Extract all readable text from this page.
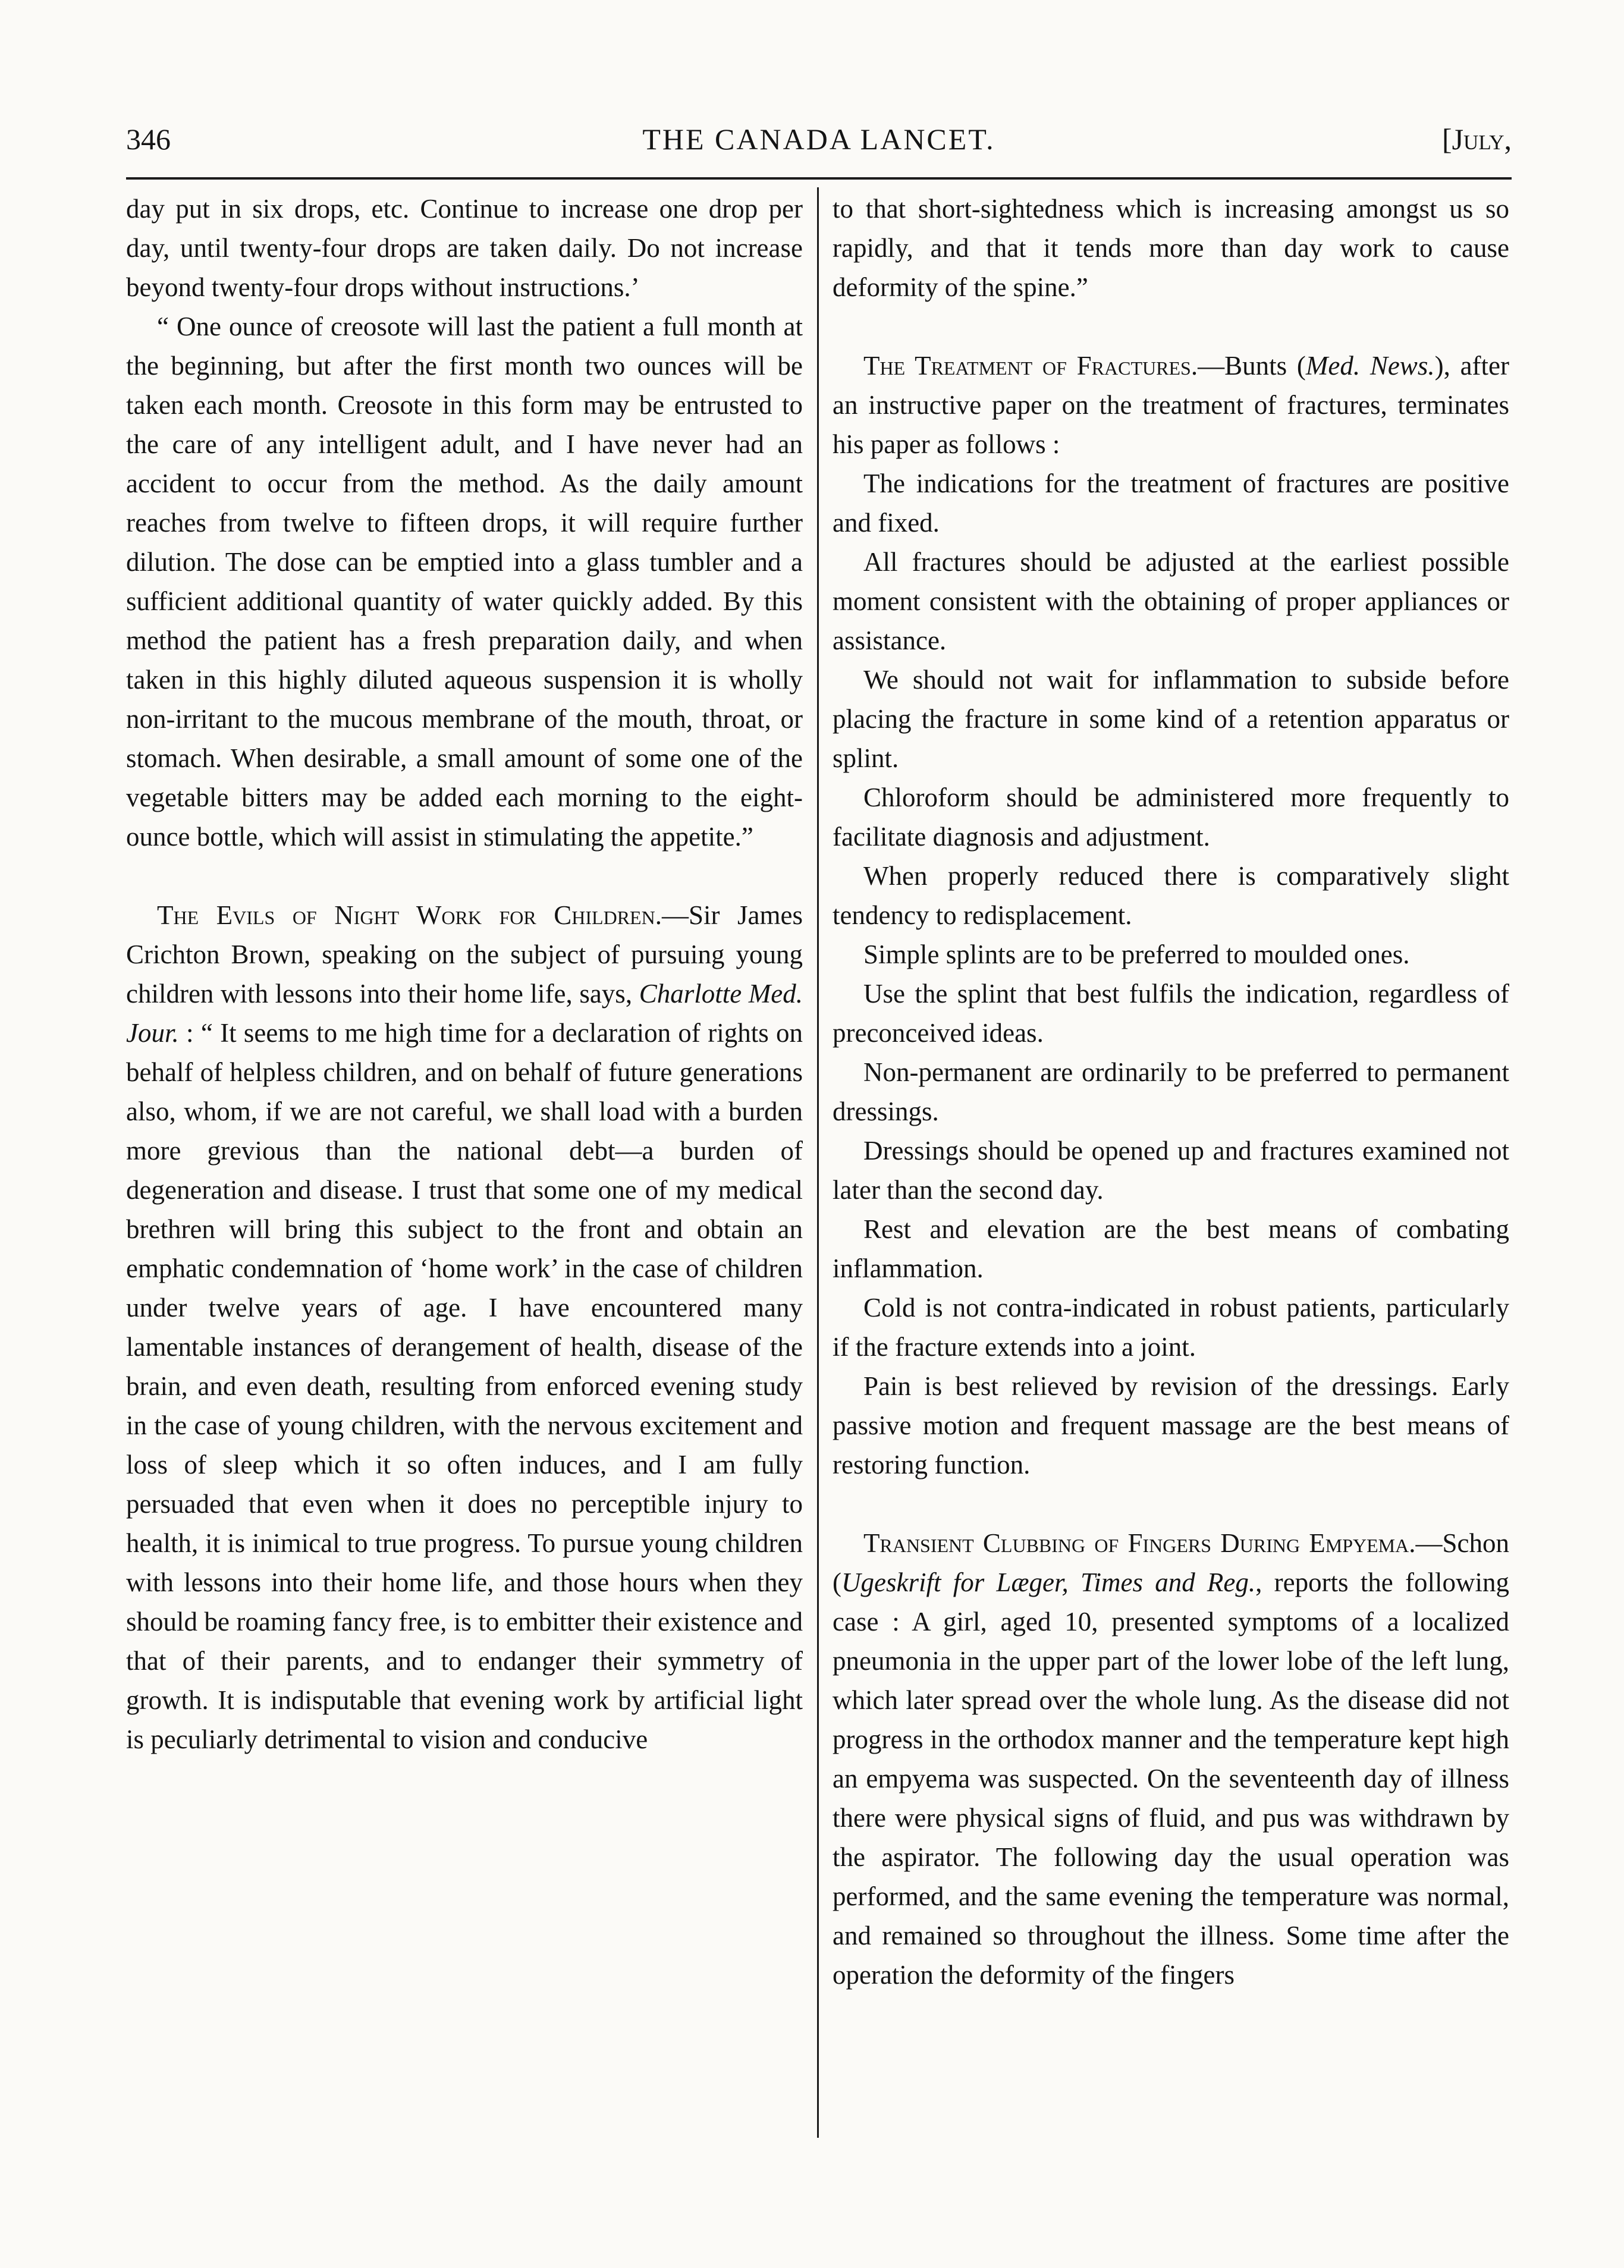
346	THE CANADA LANCET.	[July,

day put in six drops, etc. Continue to increase one drop per day, until twenty-four drops are taken daily. Do not increase beyond twenty-four drops without instructions.’

“ One ounce of creosote will last the patient a full month at the beginning, but after the first month two ounces will be taken each month. Creosote in this form may be entrusted to the care of any intelligent adult, and I have never had an accident to occur from the method. As the daily amount reaches from twelve to fifteen drops, it will require further dilution. The dose can be emptied into a glass tumbler and a sufficient additional quantity of water quickly added. By this method the patient has a fresh preparation daily, and when taken in this highly diluted aqueous suspension it is wholly non-irritant to the mucous membrane of the mouth, throat, or stomach. When desirable, a small amount of some one of the vegetable bitters may be added each morning to the eight-ounce bottle, which will assist in stimulating the appetite.”

The Evils of Night Work for Children.—Sir James Crichton Brown, speaking on the subject of pursuing young children with lessons into their home life, says, Charlotte Med. Jour. : “ It seems to me high time for a declaration of rights on behalf of helpless children, and on behalf of future generations also, whom, if we are not careful, we shall load with a burden more grevious than the national debt—a burden of degeneration and disease. I trust that some one of my medical brethren will bring this subject to the front and obtain an emphatic condemnation of ‘home work’ in the case of children under twelve years of age. I have encountered many lamentable instances of derangement of health, disease of the brain, and even death, resulting from enforced evening study in the case of young children, with the nervous excitement and loss of sleep which it so often induces, and I am fully persuaded that even when it does no perceptible injury to health, it is inimical to true progress. To pursue young children with lessons into their home life, and those hours when they should be roaming fancy free, is to embitter their existence and that of their parents, and to endanger their symmetry of growth. It is indisputable that evening work by artificial light is peculiarly detrimental to vision and conducive

to that short-sightedness which is increasing amongst us so rapidly, and that it tends more than day work to cause deformity of the spine.”

The Treatment of Fractures.—Bunts (Med. News.), after an instructive paper on the treatment of fractures, terminates his paper as follows :

The indications for the treatment of fractures are positive and fixed.

All fractures should be adjusted at the earliest possible moment consistent with the obtaining of proper appliances or assistance.

We should not wait for inflammation to subside before placing the fracture in some kind of a retention apparatus or splint.

Chloroform should be administered more frequently to facilitate diagnosis and adjustment.

When properly reduced there is comparatively slight tendency to redisplacement.

Simple splints are to be preferred to moulded ones.

Use the splint that best fulfils the indication, regardless of preconceived ideas.

Non-permanent are ordinarily to be preferred to permanent dressings.

Dressings should be opened up and fractures examined not later than the second day.

Rest and elevation are the best means of combating inflammation.

Cold is not contra-indicated in robust patients, particularly if the fracture extends into a joint.

Pain is best relieved by revision of the dressings. Early passive motion and frequent massage are the best means of restoring function.

Transient Clubbing of Fingers During Empyema.—Schon (Ugeskrift for Læger, Times and Reg., reports the following case : A girl, aged 10, presented symptoms of a localized pneumonia in the upper part of the lower lobe of the left lung, which later spread over the whole lung. As the disease did not progress in the orthodox manner and the temperature kept high an empyema was suspected. On the seventeenth day of illness there were physical signs of fluid, and pus was withdrawn by the aspirator. The following day the usual operation was performed, and the same evening the temperature was normal, and remained so throughout the illness. Some time after the operation the deformity of the fingers
